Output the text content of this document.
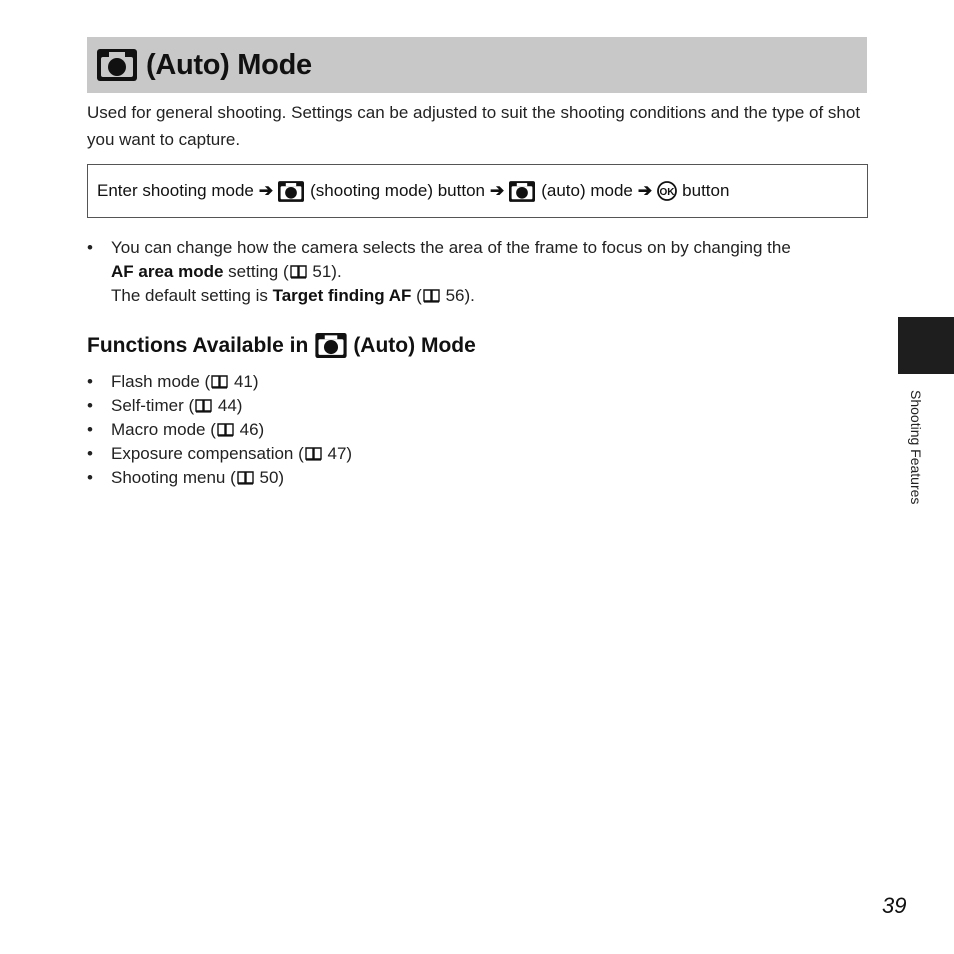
(Auto) Mode
Used for general shooting. Settings can be adjusted to suit the shooting conditions and the type of shot you want to capture.
Enter shooting mode ➔ (shooting mode) button ➔ (auto) mode ➔ OK button
• You can change how the camera selects the area of the frame to focus on by changing the
AF area mode setting ( 51).
The default setting is Target finding AF ( 56).
Functions Available in (Auto) Mode
• Flash mode ( 41)
• Self-timer ( 44)
• Macro mode ( 46)
• Exposure compensation ( 47)
• Shooting menu ( 50)	Shooting Features
39
